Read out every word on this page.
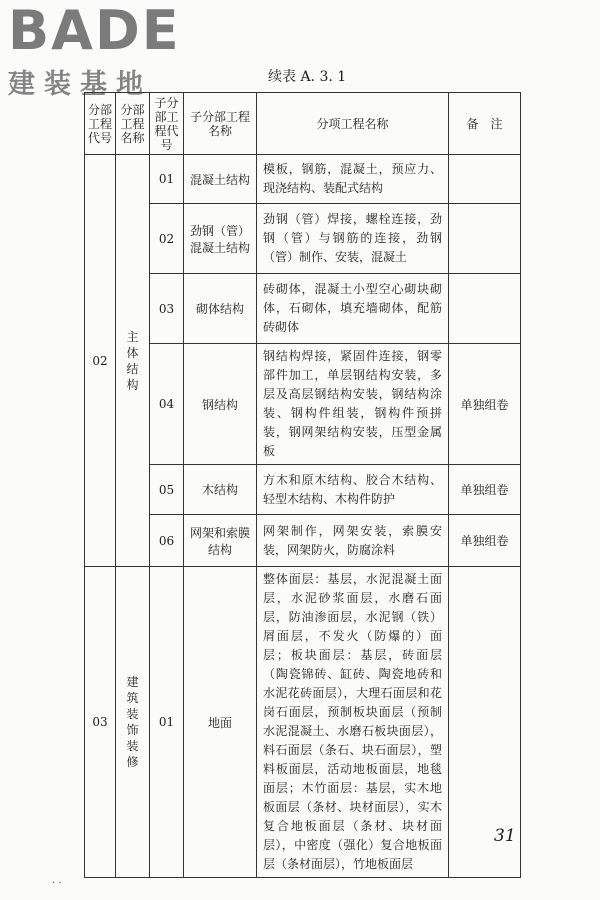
BADE
建装基地	续表 A. 3. 1
分部工程代号	分部工程名称	子分部工程代号	子分部工程名称	分项工程名称	备　注
02	主体结构	01	混凝土结构	模板，钢筋，混凝土，预应力、现浇结构、装配式结构	
		02	劲钢（管）混凝土结构	劲钢（管）焊接，螺栓连接，劲钢（管）与钢筋的连接，劲钢（管）制作、安装，混凝土	
		03	砌体结构	砖砌体，混凝土小型空心砌块砌体，石砌体，填充墙砌体，配筋砖砌体	
		04	钢结构	钢结构焊接，紧固件连接，钢零部件加工，单层钢结构安装，多层及高层钢结构安装，钢结构涂装、钢构件组装，钢构件预拼装，钢网架结构安装，压型金属板	单独组卷
		05	木结构	方木和原木结构、胶合木结构、轻型木结构、木构件防护	单独组卷
		06	网架和索膜结构	网架制作，网架安装，索膜安装，网架防火，防腐涂料	单独组卷
03	建筑装饰装修	01	地面	整体面层：基层，水泥混凝土面层，水泥砂浆面层，水磨石面层，防油渗面层，水泥钢（铁）屑面层，不发火（防爆的）面层；板块面层：基层，砖面层（陶瓷锦砖、缸砖、陶瓷地砖和水泥花砖面层），大理石面层和花岗石面层，预制板块面层（预制水泥混凝土、水磨石板块面层），料石面层（条石、块石面层），塑料板面层，活动地板面层，地毯面层；木竹面层：基层，实木地板面层（条材、块材面层），实木复合地板面层（条材、块材面层），中密度（强化）复合地板面层（条材面层），竹地板面层	
31
· ·
